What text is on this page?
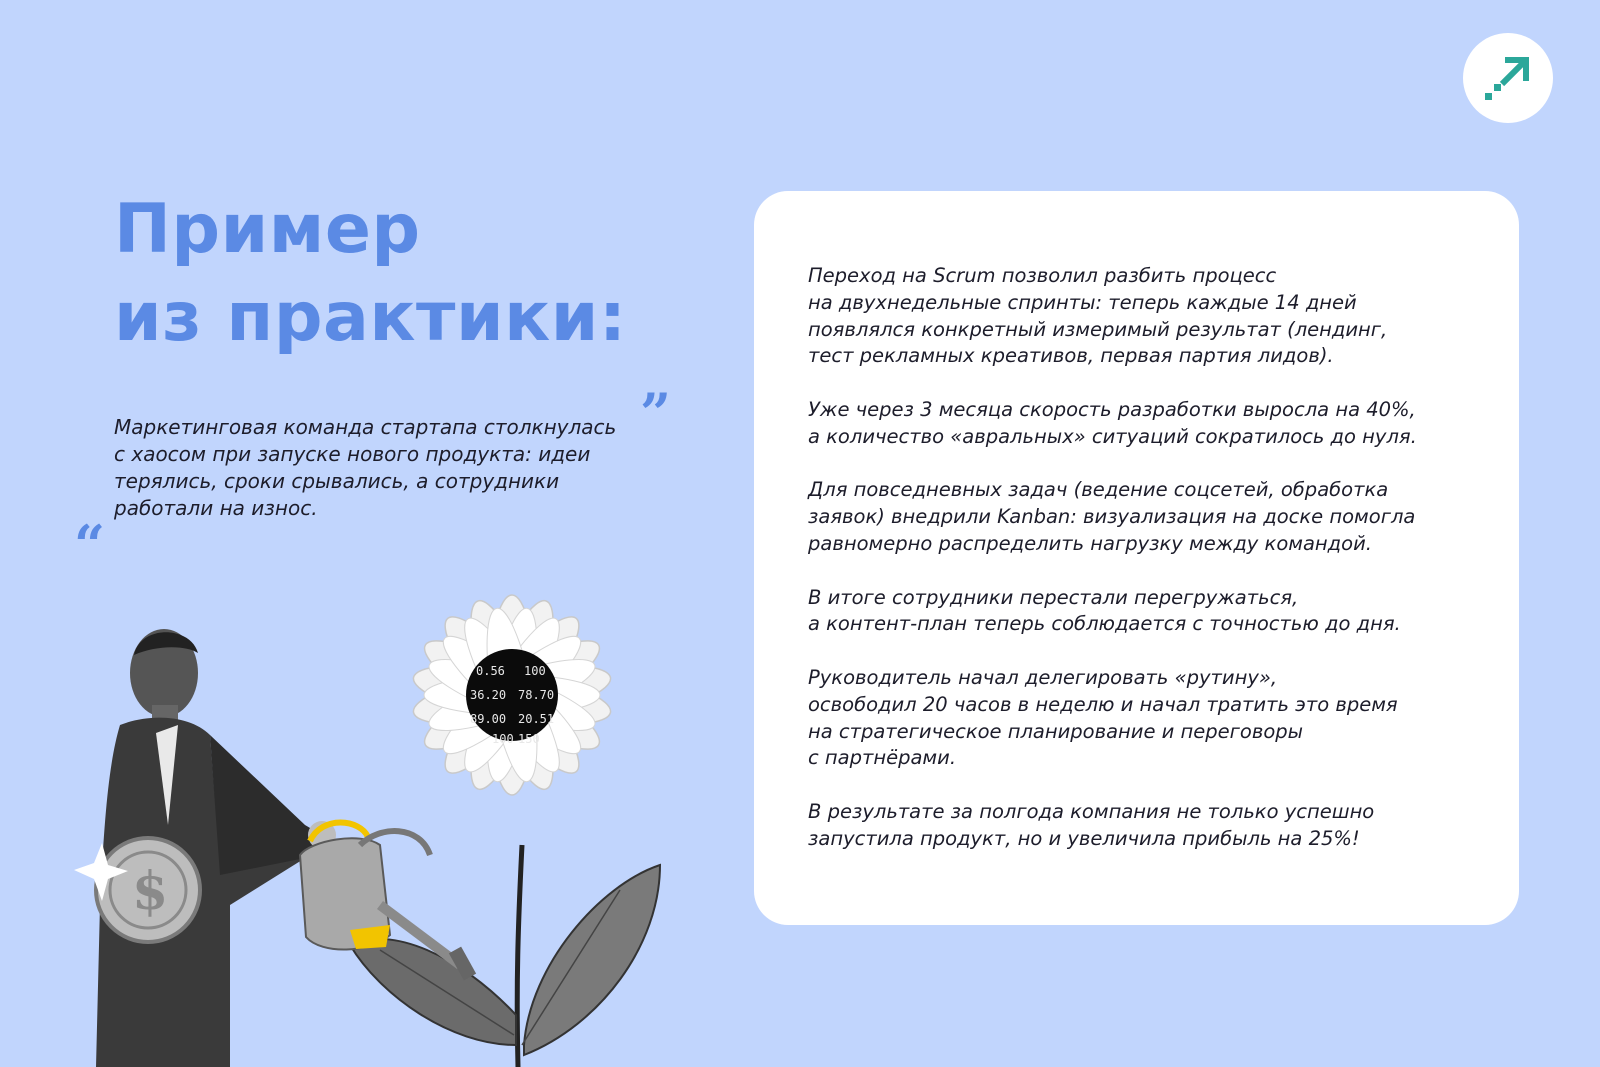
Пример
из практики:
”
Маркетинговая команда стартапа столкнулась
с хаосом при запуске нового продукта: идеи
терялись, сроки срывались, а сотрудники
работали на износ.
“

Переход на Scrum позволил разбить процесс
на двухнедельные спринты: теперь каждые 14 дней
появлялся конкретный измеримый результат (лендинг,
тест рекламных креативов, первая партия лидов).

Уже через 3 месяца скорость разработки выросла на 40%,
а количество «авральных» ситуаций сократилось до нуля.

Для повседневных задач (ведение соцсетей, обработка
заявок) внедрили Kanban: визуализация на доске помогла
равномерно распределить нагрузку между командой.

В итоге сотрудники перестали перегружаться,
а контент-план теперь соблюдается с точностью до дня.

Руководитель начал делегировать «рутину»,
освободил 20 часов в неделю и начал тратить это время
на стратегическое планирование и переговоры
с партнёрами.

В результате за полгода компания не только успешно
запустила продукт, но и увеличила прибыль на 25%!

0.56 100
36.20 78.70
89.00 20.51
100 150
$
